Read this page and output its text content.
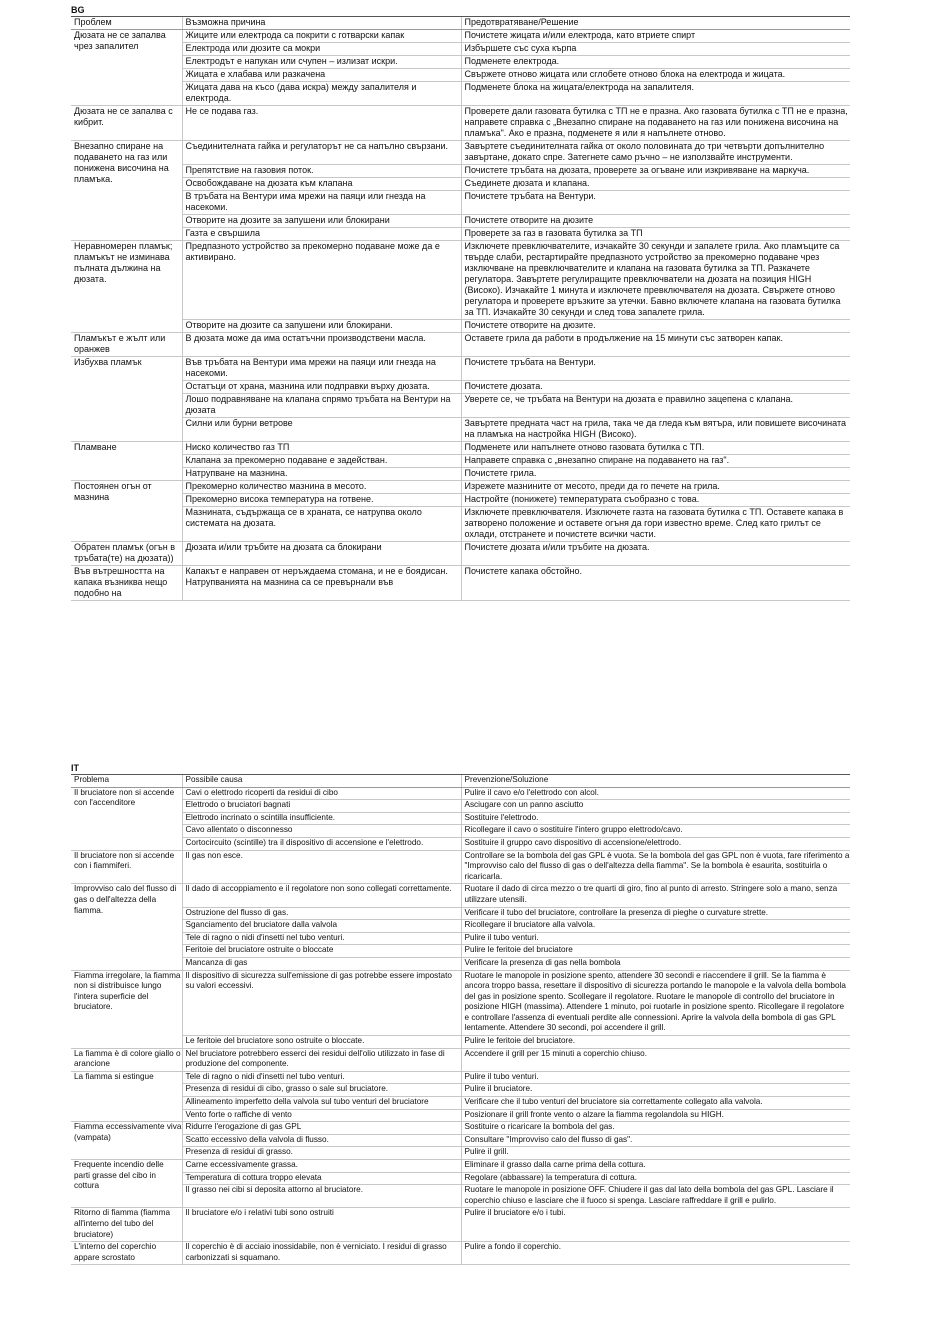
BG
Проблем	Възможна причина	Предотвратяване/Решение
Дюзата не се запалва чрез запалител	Жиците или електрода са покрити с готварски капак	Почистете жицата и/или електрода, като втриете спирт
	Електрода или дюзите са мокри	Избършете със суха кърпа
	Електродът е напукан или счупен – излизат искри.	Подменете електрода.
	Жицата е хлабава или разкачена	Свържете отново жицата или сглобете отново блока на електрода и жицата.
	Жицата дава на късо (дава искра) между запалителя и електрода.	Подменете блока на жицата/електрода на запалителя.
Дюзата не се запалва с кибрит.	Не се подава газ.	Проверете дали газовата бутилка с ТП не е празна. Ако газовата бутилка с ТП не е празна, направете справка с „Внезапно спиране на подаването на газ или понижена височина на пламъка". Ако е празна, подменете я или я напълнете отново.
Внезапно спиране на подаването на газ или понижена височина на пламъка.	Съединителната гайка и регулаторът не са напълно свързани.	Завъртете съединителната гайка от около половината до три четвърти допълнително завъртане, докато спре. Затегнете само ръчно – не използвайте инструменти.
	Препятствие на газовия поток.	Почистете тръбата на дюзата, проверете за огъване или изкривяване на маркуча.
	Освобождаване на дюзата към клапана	Съединете дюзата и клапана.
	В тръбата на Вентури има мрежи на паяци или гнезда на насекоми.	Почистете тръбата на Вентури.
	Отворите на дюзите за запушени или блокирани	Почистете отворите на дюзите
	Газта е свършила	Проверете за газ в газовата бутилка за ТП
Неравномерен пламък; пламъкът не изминава пълната дължина на дюзата.	Предпазното устройство за прекомерно подаване може да е активирано.	Изключете превключвателите, изчакайте 30 секунди и запалете грила. Ако пламъците са твърде слаби, рестартирайте предпазното устройство за прекомерно подаване чрез изключване на превключвателите и клапана на газовата бутилка за ТП. Разкачете регулатора. Завъртете регулиращите превключватели на дюзата на позиция HIGH (Високо). Изчакайте 1 минута и изключете превключвателя на дюзата. Свържете отново регулатора и проверете връзките за утечки. Бавно включете клапана на газовата бутилка за ТП. Изчакайте 30 секунди и след това запалете грила.
	Отворите на дюзите са запушени или блокирани.	Почистете отворите на дюзите.
Пламъкът е жълт или оранжев	В дюзата може да има остатъчни производствени масла.	Оставете грила да работи в продължение на 15 минути със затворен капак.
Избухва пламък	Във тръбата на Вентури има мрежи на паяци или гнезда на насекоми.	Почистете тръбата на Вентури.
	Остатъци от храна, мазнина или подправки върху дюзата.	Почистете дюзата.
	Лошо подравняване на клапана спрямо тръбата на Вентури на дюзата	Уверете се, че тръбата на Вентури на дюзата е правилно зацепена с клапана.
	Силни или бурни ветрове	Завъртете предната част на грила, така че да гледа към вятъра, или повишете височината на пламъка на настройка HIGH (Високо).
Пламване	Ниско количество газ ТП	Подменете или напълнете отново газовата бутилка с ТП.
	Клапана за прекомерно подаване е задействан.	Направете справка с „внезапно спиране на подаването на газ".
	Натрупване на мазнина.	Почистете грила.
Постоянен огън от мазнина	Прекомерно количество мазнина в месото.	Изрежете мазнините от месото, преди да го печете на грила.
	Прекомерно висока температура на готвене.	Настройте (понижете) температурата съобразно с това.
	Мазнината, съдържаща се в храната, се натрупва около системата на дюзата.	Изключете превключвателя. Изключете газта на газовата бутилка с ТП. Оставете капака в затворено положение и оставете огъня да гори известно време. След като грилът се охлади, отстранете и почистете всички части.
Обратен пламък (огън в тръбата(те) на дюзата))	Дюзата и/или тръбите на дюзата са блокирани	Почистете дюзата и/или тръбите на дюзата.
Във вътрешността на капака възниква нещо подобно на	Капакът е направен от неръждаема стомана, и не е боядисан. Натрупванията на мазнина са се превърнали във	Почистете капака обстойно.
IT
Problema	Possibile causa	Prevenzione/Soluzione
Il bruciatore non si accende con l'accenditore	Cavi o elettrodo ricoperti da residui di cibo	Pulire il cavo e/o l'elettrodo con alcol.
	Elettrodo o bruciatori bagnati	Asciugare con un panno asciutto
	Elettrodo incrinato o scintilla insufficiente.	Sostituire l'elettrodo.
	Cavo allentato o disconnesso	Ricollegare il cavo o sostituire l'intero gruppo elettrodo/cavo.
	Cortocircuito (scintille) tra il dispositivo di accensione e l'elettrodo.	Sostituire il gruppo cavo dispositivo di accensione/elettrodo.
Il bruciatore non si accende con i fiammiferi.	Il gas non esce.	Controllare se la bombola del gas GPL è vuota. Se la bombola del gas GPL non è vuota, fare riferimento a "Improvviso calo del flusso di gas o dell'altezza della fiamma". Se la bombola è esaurita, sostituirla o ricaricarla.
Improvviso calo del flusso di gas o dell'altezza della fiamma.	Il dado di accoppiamento e il regolatore non sono collegati correttamente.	Ruotare il dado di circa mezzo o tre quarti di giro, fino al punto di arresto. Stringere solo a mano, senza utilizzare utensili.
	Ostruzione del flusso di gas.	Verificare il tubo del bruciatore, controllare la presenza di pieghe o curvature strette.
	Sganciamento del bruciatore dalla valvola	Ricollegare il bruciatore alla valvola.
	Tele di ragno o nidi d'insetti nel tubo venturi.	Pulire il tubo venturi.
	Feritoie del bruciatore ostruite o bloccate	Pulire le feritoie del bruciatore
	Mancanza di gas	Verificare la presenza di gas nella bombola
Fiamma irregolare, la fiamma non si distribuisce lungo l'intera superficie del bruciatore.	Il dispositivo di sicurezza sull'emissione di gas potrebbe essere impostato su valori eccessivi.	Ruotare le manopole in posizione spento, attendere 30 secondi e riaccendere il grill. Se la fiamma è ancora troppo bassa, resettare il dispositivo di sicurezza portando le manopole e la valvola della bombola del gas in posizione spento. Scollegare il regolatore. Ruotare le manopole di controllo del bruciatore in posizione HIGH (massima). Attendere 1 minuto, poi ruotarle in posizione spento. Ricollegare il regolatore e controllare l'assenza di eventuali perdite alle connessioni. Aprire la valvola della bombola di gas GPL lentamente. Attendere 30 secondi, poi accendere il grill.
	Le feritoie del bruciatore sono ostruite o bloccate.	Pulire le feritoie del bruciatore.
La fiamma è di colore giallo o arancione	Nel bruciatore potrebbero esserci dei residui dell'olio utilizzato in fase di produzione del componente.	Accendere il grill per 15 minuti a coperchio chiuso.
La fiamma si estingue	Tele di ragno o nidi d'insetti nel tubo venturi.	Pulire il tubo venturi.
	Presenza di residui di cibo, grasso o sale sul bruciatore.	Pulire il bruciatore.
	Allineamento imperfetto della valvola sul tubo venturi del bruciatore	Verificare che il tubo venturi del bruciatore sia correttamente collegato alla valvola.
	Vento forte o raffiche di vento	Posizionare il grill fronte vento o alzare la fiamma regolandola su HIGH.
Fiamma eccessivamente viva (vampata)	Ridurre l'erogazione di gas GPL	Sostituire o ricaricare la bombola del gas.
	Scatto eccessivo della valvola di flusso.	Consultare "Improvviso calo del flusso di gas".
	Presenza di residui di grasso.	Pulire il grill.
Frequente incendio delle parti grasse del cibo in cottura	Carne eccessivamente grassa.	Eliminare il grasso dalla carne prima della cottura.
	Temperatura di cottura troppo elevata	Regolare (abbassare) la temperatura di cottura.
	Il grasso nei cibi si deposita attorno al bruciatore.	Ruotare le manopole in posizione OFF. Chiudere il gas dal lato della bombola del gas GPL. Lasciare il coperchio chiuso e lasciare che il fuoco si spenga. Lasciare raffreddare il grill e pulirlo.
Ritorno di fiamma (fiamma all'interno del tubo del bruciatore)	Il bruciatore e/o i relativi tubi sono ostruiti	Pulire il bruciatore e/o i tubi.
L'interno del coperchio appare scrostato	Il coperchio è di acciaio inossidabile, non è verniciato. I residui di grasso carbonizzati si squamano.	Pulire a fondo il coperchio.
